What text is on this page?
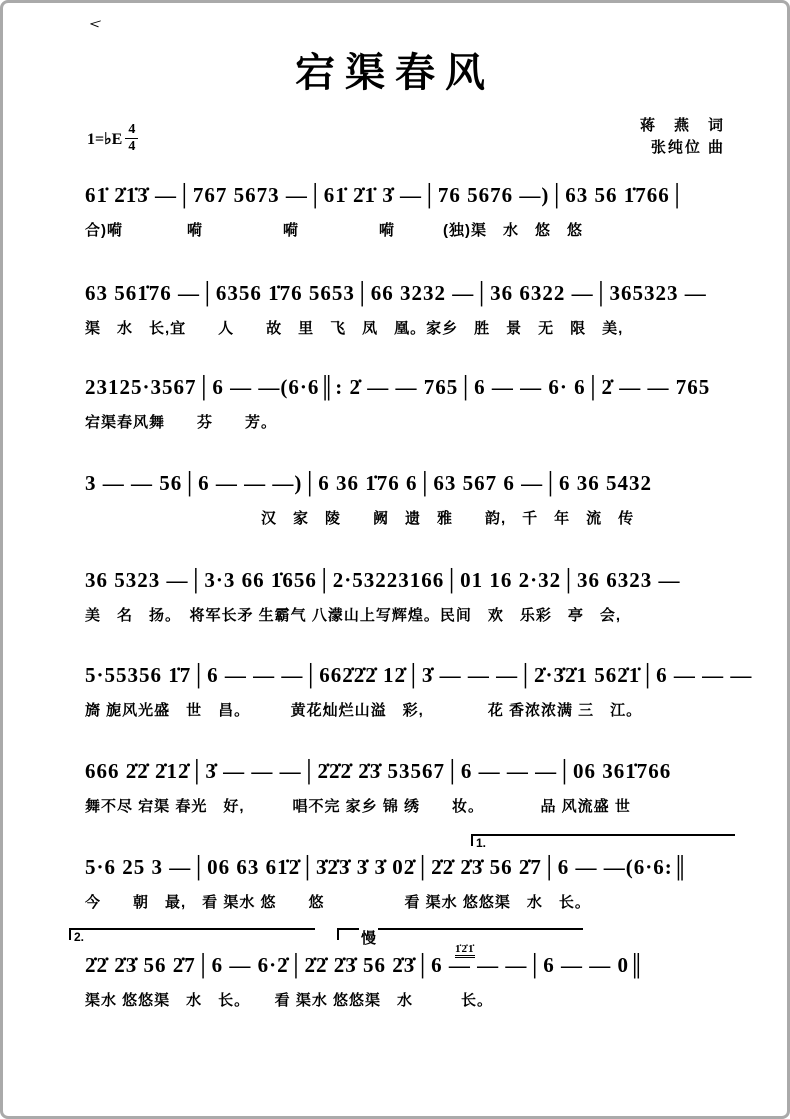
<
宕渠春风
1=♭E $\frac{4}{4}$	蒋　燕　词
张纯位 曲
61̇ 2̇1̇3̇ —│767 5673 —│61̇ 2̇1̇ 3̇ —│76 5676 —)│63 56 1̇766│
合)嗬　　　　嗬　　　　　嗬　　　　　嗬　　　(独)渠　水　悠　悠
63 561̇76 —│6356 1̇76 5653│66 3232 —│36 6322 —│365323 —
渠　水　长,宜　　人　　故　里　飞　凤　凰。家乡　胜　景　无　限　美,
23125·3567│6 — —(6·6║: 2̇ — — 765│6 — — 6· 6│2̇ — — 765
宕渠春风舞　　芬　　芳。
3 — — 56│6 — — —)│6 36 1̇76 6│63 567 6 —│6 36 5432
　　　　　　　　　　　汉　家　陵　　阙　遗　雅　　韵,　千　年　流　传
36 5323 —│3·3 66 1̇656│2·53223166│01 16 2·32│36 6323 —
美　名　扬。　将军长矛 生霸气 八濛山上写辉煌。民间　欢　乐彩　亭　会,
5·55356 1̇7│6 — — —│662̇2̇2̇ 12̇│3̇ — — —│2̇·3̇2̇1 562̇1̇│6 — — —
旖 旎风光盛　世　昌。　　　黄花灿烂山溢　彩,　　　　花 香浓浓满 三　江。
666 2̇2̇ 2̇12̇│3̇ — — —│2̇2̇2̇ 2̇3̇ 53567│6 — — —│06 361̇766
舞不尽 宕渠 春光　好,　　　唱不完 家乡 锦 绣　　妆。　　　　品 风流盛 世
1.
5·6 25 3 —│06 63 61̇2̇│3̇2̇3̇ 3̇ 3̇ 02̇│2̇2̇ 2̇3̇ 56 2̇7│6 — —(6·6:║
今　　朝　最,　看 渠水 悠　　悠　　　　　看 渠水 悠悠渠　水　长。
2.	慢
1̇2̇1̇
2̇2̇ 2̇3̇ 56 2̇7│6 — 6·2̇│2̇2̇ 2̇3̇ 56 2̇3̇│6 — — —│6 — — 0║
渠水 悠悠渠　水　长。　　看 渠水 悠悠渠　水　　　长。
